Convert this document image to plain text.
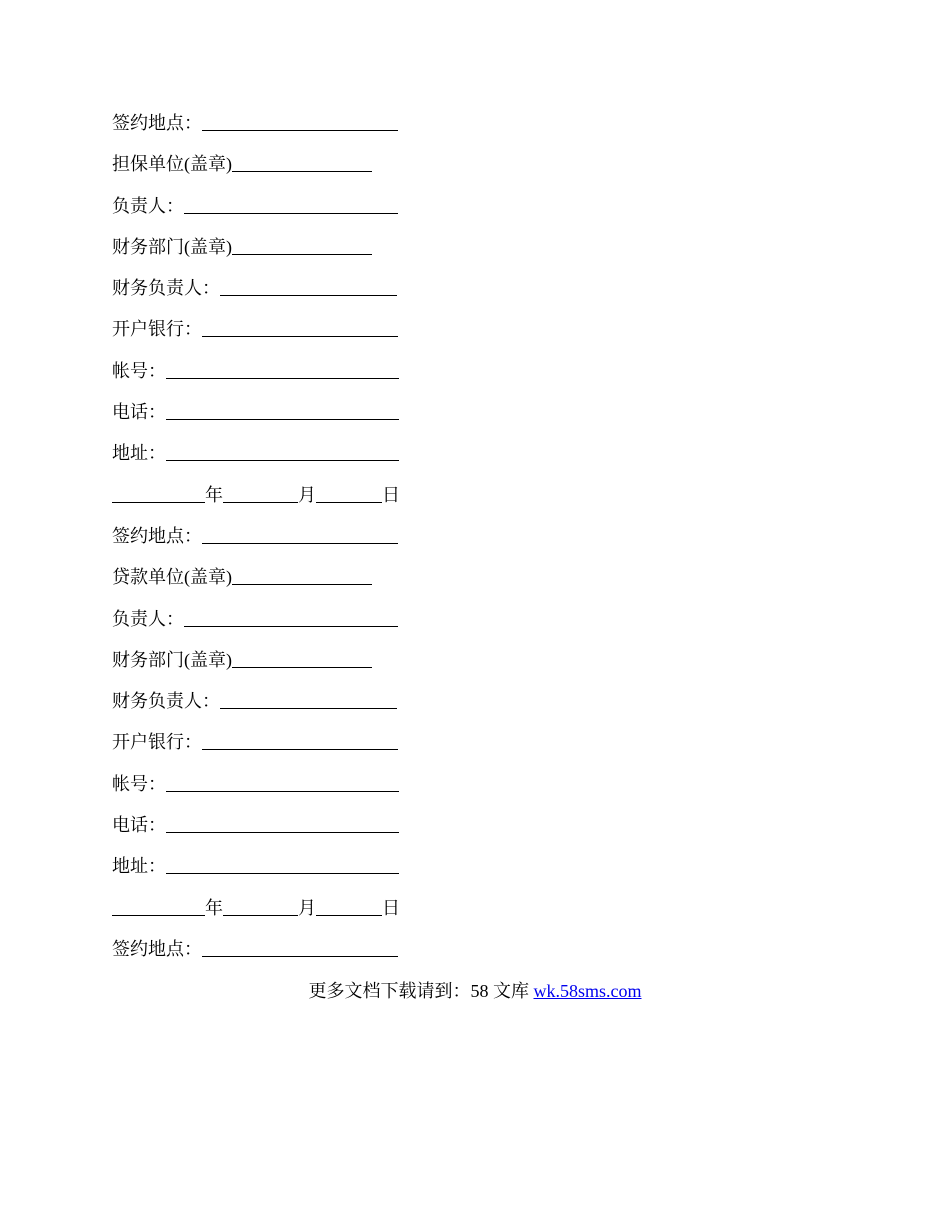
签约地点：
担保单位(盖章)
负责人：
财务部门(盖章)
财务负责人：
开户银行：
帐号：
电话：
地址：
年	月	日
签约地点：
贷款单位(盖章)
负责人：
财务部门(盖章)
财务负责人：
开户银行：
帐号：
电话：
地址：
年	月	日
签约地点：
更多文档下载请到：58 文库 wk.58sms.com
